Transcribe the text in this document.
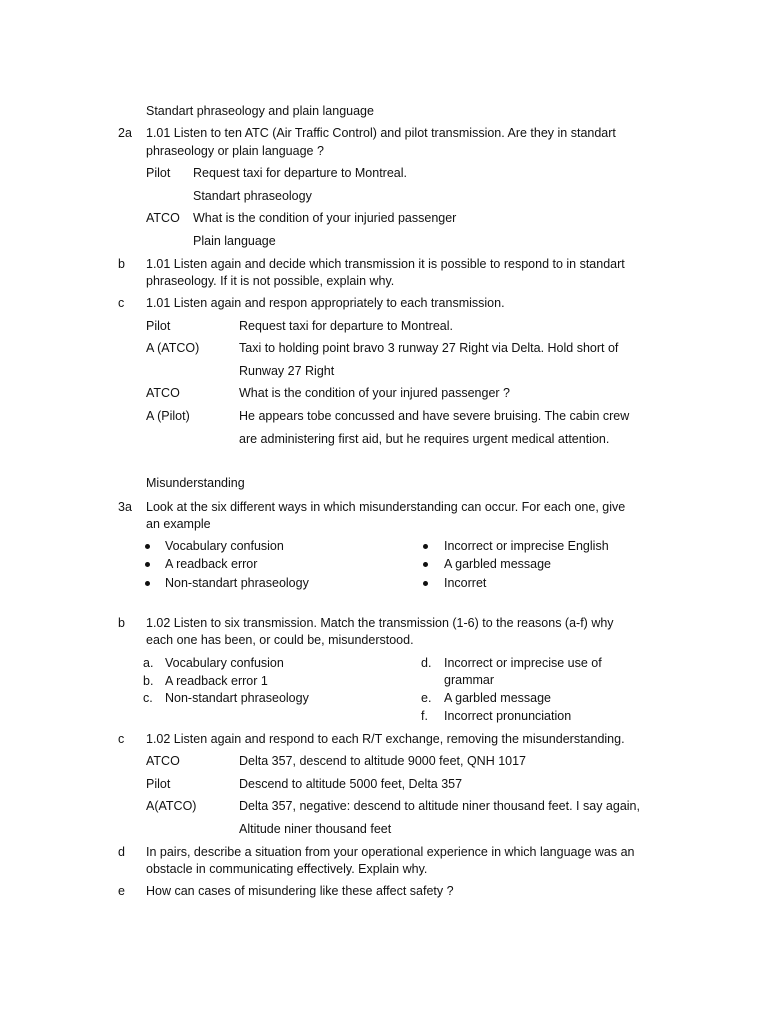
Standart phraseology and plain language
2a 1.01 Listen to ten ATC (Air Traffic Control) and pilot transmission. Are they in standart
phraseology or plain language ?
Pilot Request taxi for departure to Montreal.
Standart phraseology
ATCO What is the condition of your injuried passenger
Plain language
b 1.01 Listen again and decide which transmission it is possible to respond to in standart
phraseology. If it is not possible, explain why.
c 1.01 Listen again and respon appropriately to each transmission.
Pilot	Request taxi for departure to Montreal.
A (ATCO)	Taxi to holding point bravo 3 runway 27 Right via Delta. Hold short of
Runway 27 Right
ATCO	What is the condition of your injured passenger ?
A (Pilot)	He appears tobe concussed and have severe bruising. The cabin crew
are administering first aid, but he requires urgent medical attention.
Misunderstanding
3a Look at the six different ways in which misunderstanding can occur. For each one, give
an example
Vocabulary confusion
A readback error
Non-standart phraseology
Incorrect or imprecise English
A garbled message
Incorret
b 1.02 Listen to six transmission. Match the transmission (1-6) to the reasons (a-f) why
each one has been, or could be, misunderstood.
a. Vocabulary confusion
b. A readback error 1
c. Non-standart phraseology
d. Incorrect or imprecise use of
grammar
e. A garbled message
f. Incorrect pronunciation
c 1.02 Listen again and respond to each R/T exchange, removing the misunderstanding.
ATCO	Delta 357, descend to altitude 9000 feet, QNH 1017
Pilot	Descend to altitude 5000 feet, Delta 357
A(ATCO)	Delta 357, negative: descend to altitude niner thousand feet. I say again,
Altitude niner thousand feet
d In pairs, describe a situation from your operational experience in which language was an
obstacle in communicating effectively. Explain why.
e How can cases of misundering like these affect safety ?
